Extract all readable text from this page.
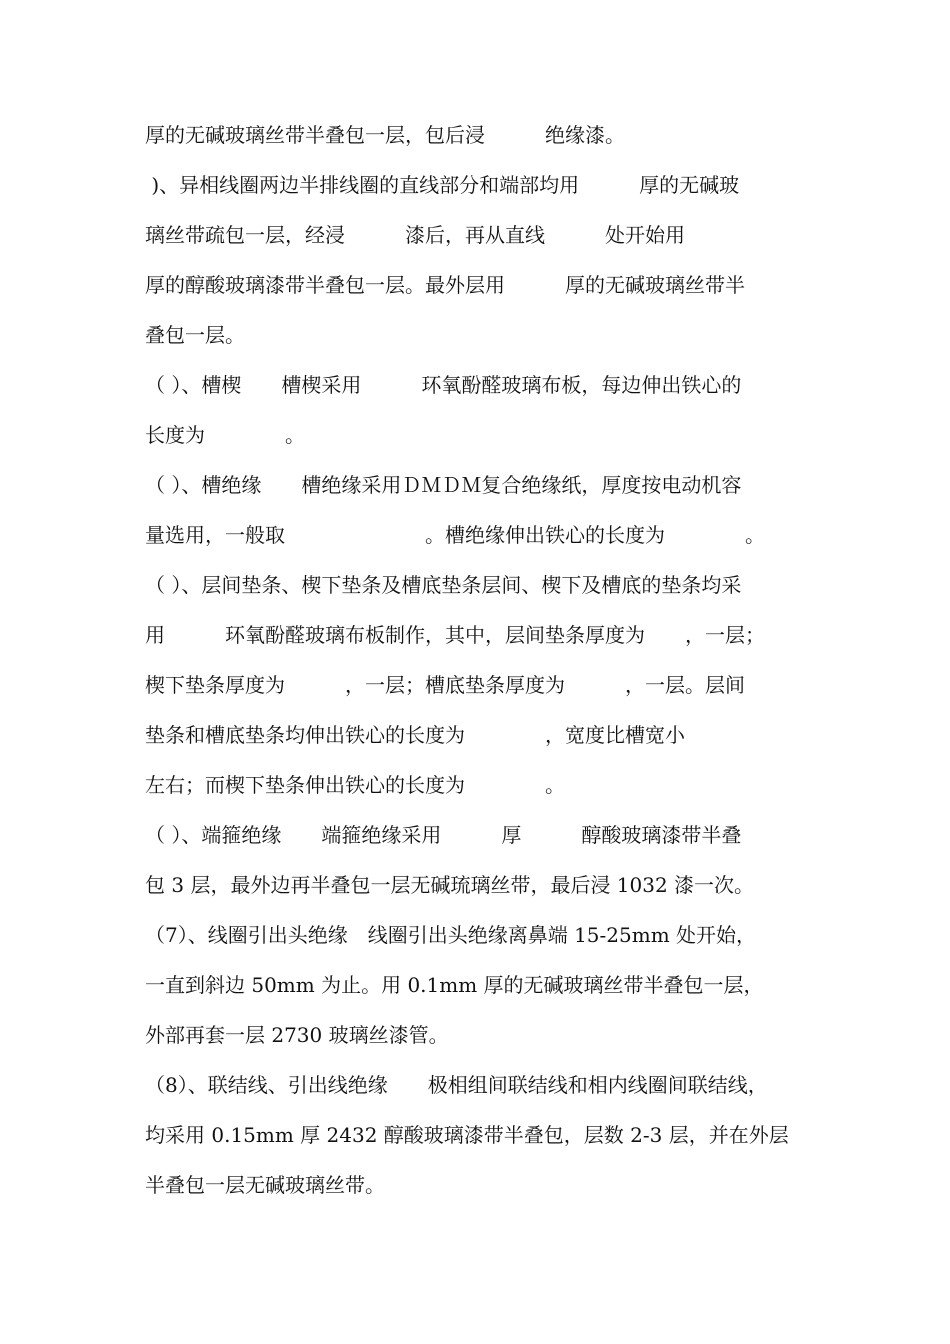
厚的无碱玻璃丝带半叠包一层，包后浸　　　绝缘漆。
)、异相线圈两边半排线圈的直线部分和端部均用　　　厚的无碱玻
璃丝带疏包一层，经浸　　　漆后，再从直线　　　处开始用
厚的醇酸玻璃漆带半叠包一层。最外层用　　　厚的无碱玻璃丝带半
叠包一层。
（ ）、槽楔　　槽楔采用　　　环氧酚醛玻璃布板，每边伸出铁心的
长度为　　　　。
（ ）、槽绝缘　　槽绝缘采用ＤＭＤＭ复合绝缘纸，厚度按电动机容
量选用，一般取　　　　　　　。槽绝缘伸出铁心的长度为　　　　。
（ ）、层间垫条、楔下垫条及槽底垫条层间、楔下及槽底的垫条均采
用　　　环氧酚醛玻璃布板制作，其中，层间垫条厚度为　　，一层；
楔下垫条厚度为　　　，一层；槽底垫条厚度为　　　，一层。层间
垫条和槽底垫条均伸出铁心的长度为　　　　，宽度比槽宽小
左右；而楔下垫条伸出铁心的长度为　　　　。
（ ）、端箍绝缘　　端箍绝缘采用　　　厚　　　醇酸玻璃漆带半叠
包 3 层，最外边再半叠包一层无碱琉璃丝带，最后浸 1032 漆一次。
（7）、线圈引出头绝缘　线圈引出头绝缘离鼻端 15-25mm 处开始，
一直到斜边 50mm 为止。用 0.1mm 厚的无碱玻璃丝带半叠包一层，
外部再套一层 2730 玻璃丝漆管。
（8）、联结线、引出线绝缘　　极相组间联结线和相内线圈间联结线，
均采用 0.15mm 厚 2432 醇酸玻璃漆带半叠包，层数 2-3 层，并在外层
半叠包一层无碱玻璃丝带。
